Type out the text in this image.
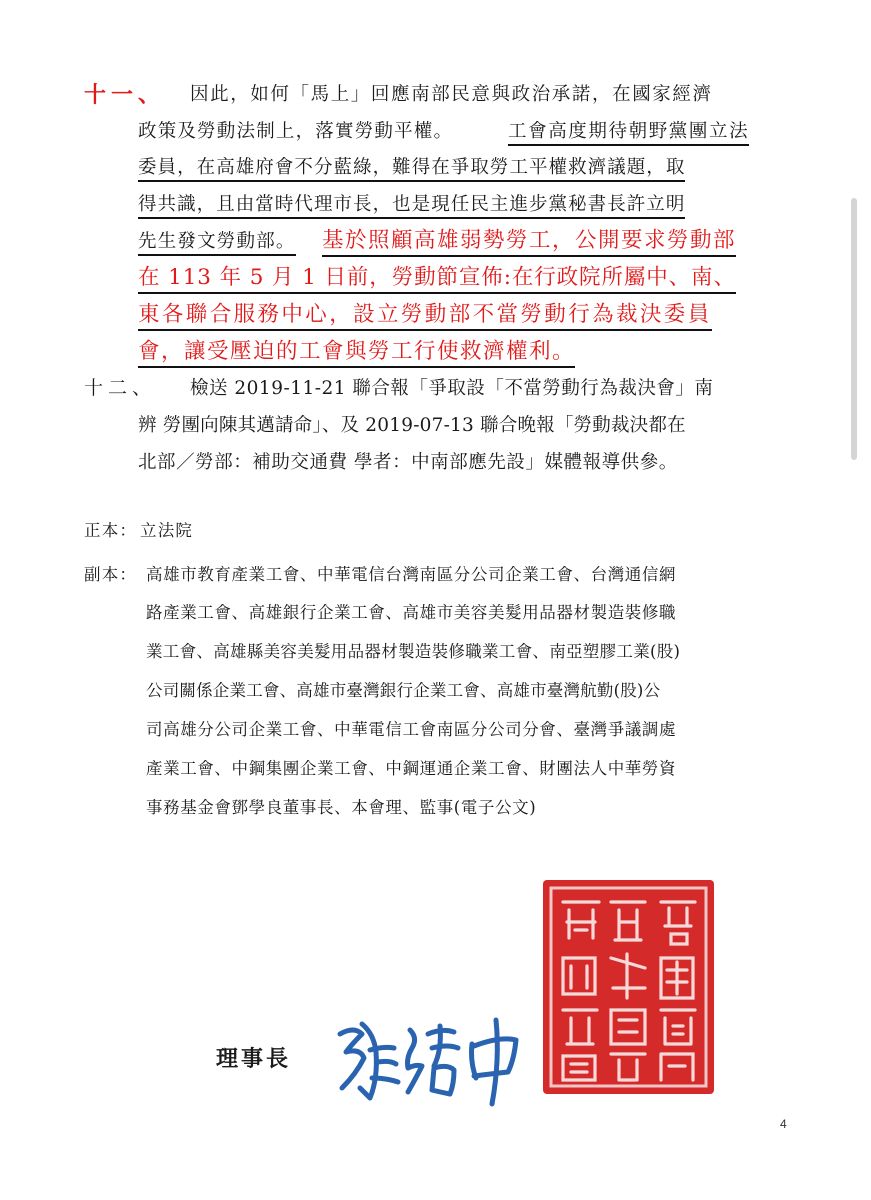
十一、 因此，如何「馬上」回應南部民意與政治承諾，在國家經濟
政策及勞動法制上，落實勞動平權。	工會高度期待朝野黨團立法
委員，在高雄府會不分藍綠，難得在爭取勞工平權救濟議題，取
得共識，且由當時代理市長，也是現任民主進步黨秘書長許立明
先生發文勞動部。 基於照顧高雄弱勢勞工，公開要求勞動部
在 113 年 5 月 1 日前，勞動節宣佈:在行政院所屬中、南、
東各聯合服務中心，設立勞動部不當勞動行為裁決委員
會，讓受壓迫的工會與勞工行使救濟權利。
十二、 檢送 2019-11-21 聯合報「爭取設「不當勞動行為裁決會」南
辨 勞團向陳其邁請命」、及 2019-07-13 聯合晚報「勞動裁決都在
北部／勞部：補助交通費 學者：中南部應先設」媒體報導供參。
正本： 立法院
副本： 高雄市教育產業工會、中華電信台灣南區分公司企業工會、台灣通信網
路產業工會、高雄銀行企業工會、高雄市美容美髮用品器材製造裝修職
業工會、高雄縣美容美髮用品器材製造裝修職業工會、南亞塑膠工業(股)
公司關係企業工會、高雄市臺灣銀行企業工會、高雄市臺灣航勤(股)公
司高雄分公司企業工會、中華電信工會南區分公司分會、臺灣爭議調處
產業工會、中鋼集團企業工會、中鋼運通企業工會、財團法人中華勞資
事務基金會鄧學良董事長、本會理、監事(電子公文)
理事長
4
